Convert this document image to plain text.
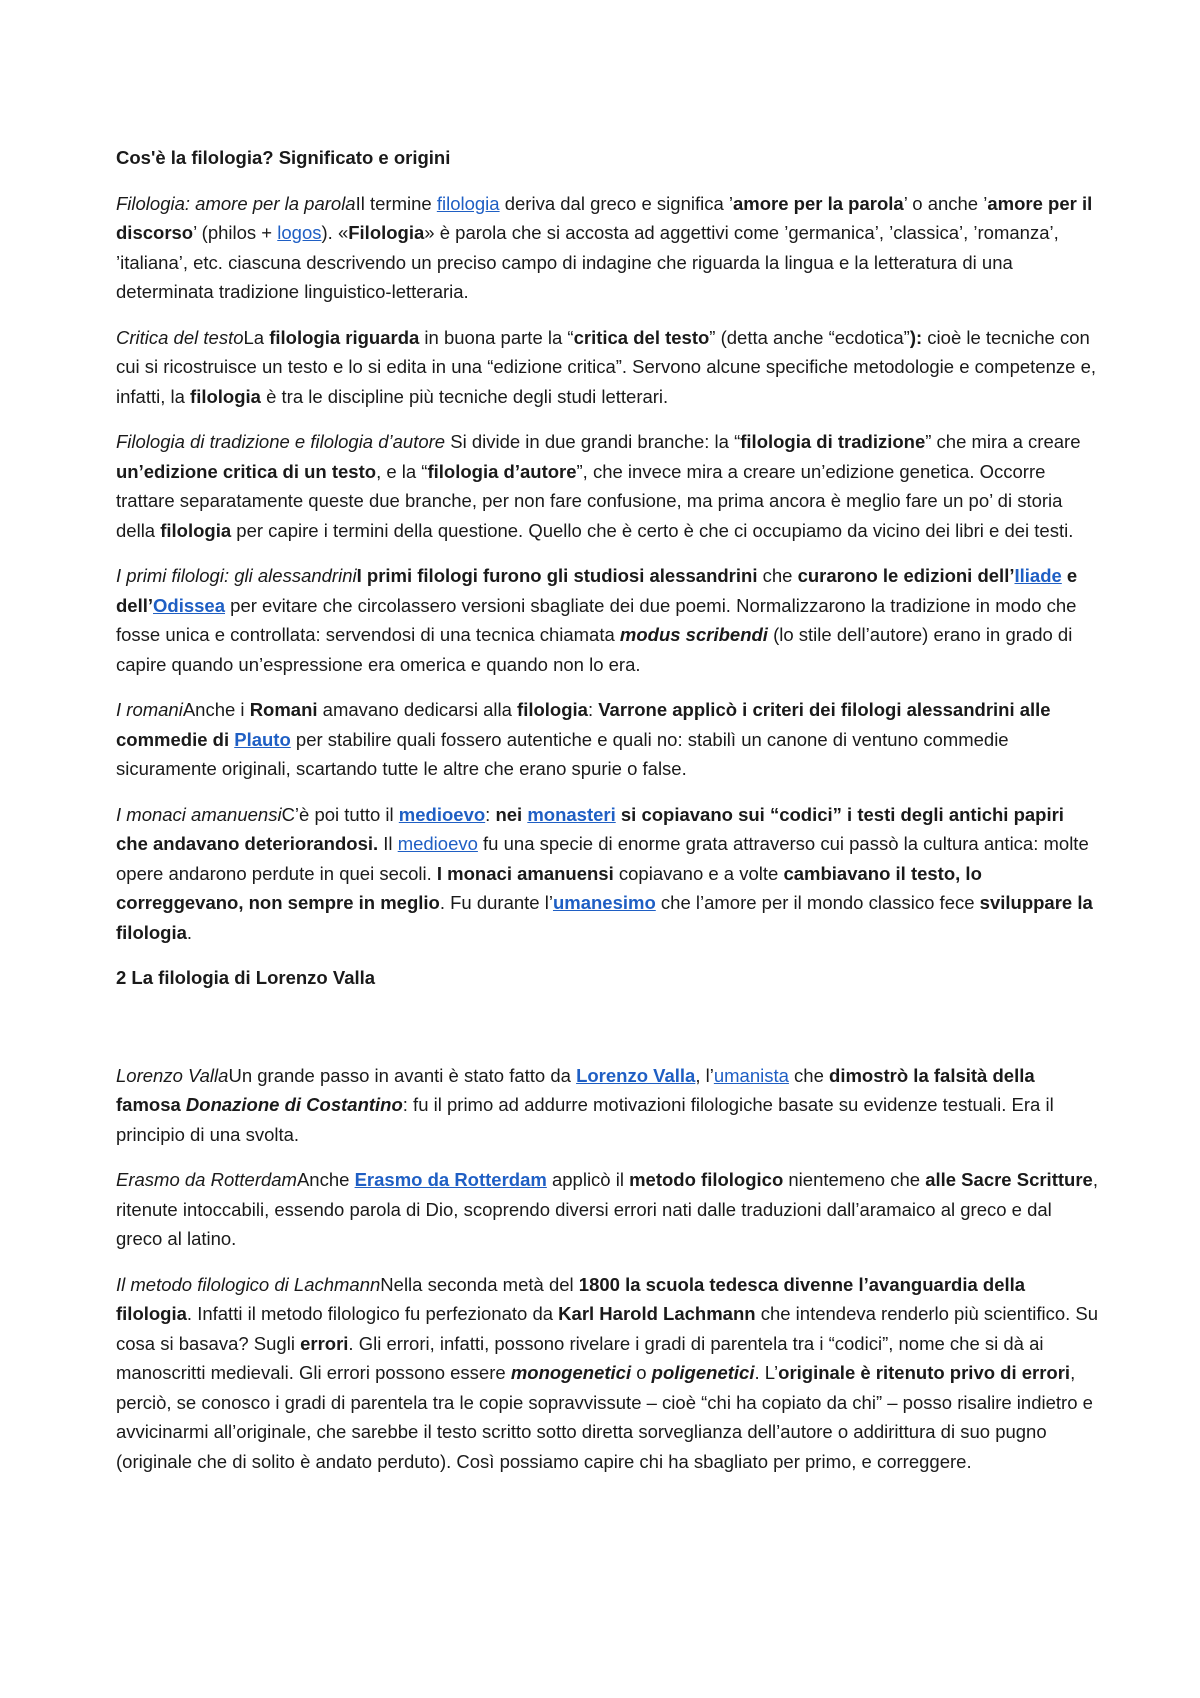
Cos'è la filologia? Significato e origini

Filologia: amore per la parolaIl termine filologia deriva dal greco e significa ’amore per la parola’ o anche ’amore per il discorso’ (philos + logos). «Filologia» è parola che si accosta ad aggettivi come ’germanica’, ’classica’, ’romanza’, ’italiana’, etc. ciascuna descrivendo un preciso campo di indagine che riguarda la lingua e la letteratura di una determinata tradizione linguistico-letteraria.

Critica del testoLa filologia riguarda in buona parte la “critica del testo” (detta anche “ecdotica”): cioè le tecniche con cui si ricostruisce un testo e lo si edita in una “edizione critica”. Servono alcune specifiche metodologie e competenze e, infatti, la filologia è tra le discipline più tecniche degli studi letterari.

Filologia di tradizione e filologia d’autore Si divide in due grandi branche: la “filologia di tradizione” che mira a creare un’edizione critica di un testo, e la “filologia d’autore”, che invece mira a creare un’edizione genetica. Occorre trattare separatamente queste due branche, per non fare confusione, ma prima ancora è meglio fare un po’ di storia della filologia per capire i termini della questione. Quello che è certo è che ci occupiamo da vicino dei libri e dei testi.

I primi filologi: gli alessandriniI primi filologi furono gli studiosi alessandrini che curarono le edizioni dell’Iliade e dell’Odissea per evitare che circolassero versioni sbagliate dei due poemi. Normalizzarono la tradizione in modo che fosse unica e controllata: servendosi di una tecnica chiamata modus scribendi (lo stile dell’autore) erano in grado di capire quando un’espressione era omerica e quando non lo era.

I romaniAnche i Romani amavano dedicarsi alla filologia: Varrone applicò i criteri dei filologi alessandrini alle commedie di Plauto per stabilire quali fossero autentiche e quali no: stabilì un canone di ventuno commedie sicuramente originali, scartando tutte le altre che erano spurie o false.

I monaci amanuensiC’è poi tutto il medioevo: nei monasteri si copiavano sui “codici” i testi degli antichi papiri che andavano deteriorandosi. Il medioevo fu una specie di enorme grata attraverso cui passò la cultura antica: molte opere andarono perdute in quei secoli. I monaci amanuensi copiavano e a volte cambiavano il testo, lo correggevano, non sempre in meglio. Fu durante l’umanesimo che l’amore per il mondo classico fece sviluppare la filologia.

2 La filologia di Lorenzo Valla

Lorenzo VallaUn grande passo in avanti è stato fatto da Lorenzo Valla, l’umanista che dimostrò la falsità della famosa Donazione di Costantino: fu il primo ad addurre motivazioni filologiche basate su evidenze testuali. Era il principio di una svolta.

Erasmo da RotterdamAnche Erasmo da Rotterdam applicò il metodo filologico nientemeno che alle Sacre Scritture, ritenute intoccabili, essendo parola di Dio, scoprendo diversi errori nati dalle traduzioni dall’aramaico al greco e dal greco al latino.

Il metodo filologico di LachmannNella seconda metà del 1800 la scuola tedesca divenne l’avanguardia della filologia. Infatti il metodo filologico fu perfezionato da Karl Harold Lachmann che intendeva renderlo più scientifico. Su cosa si basava? Sugli errori. Gli errori, infatti, possono rivelare i gradi di parentela tra i “codici”, nome che si dà ai manoscritti medievali. Gli errori possono essere monogenetici o poligenetici. L’originale è ritenuto privo di errori, perciò, se conosco i gradi di parentela tra le copie sopravvissute – cioè “chi ha copiato da chi” – posso risalire indietro e avvicinarmi all’originale, che sarebbe il testo scritto sotto diretta sorveglianza dell’autore o addirittura di suo pugno (originale che di solito è andato perduto). Così possiamo capire chi ha sbagliato per primo, e correggere.
